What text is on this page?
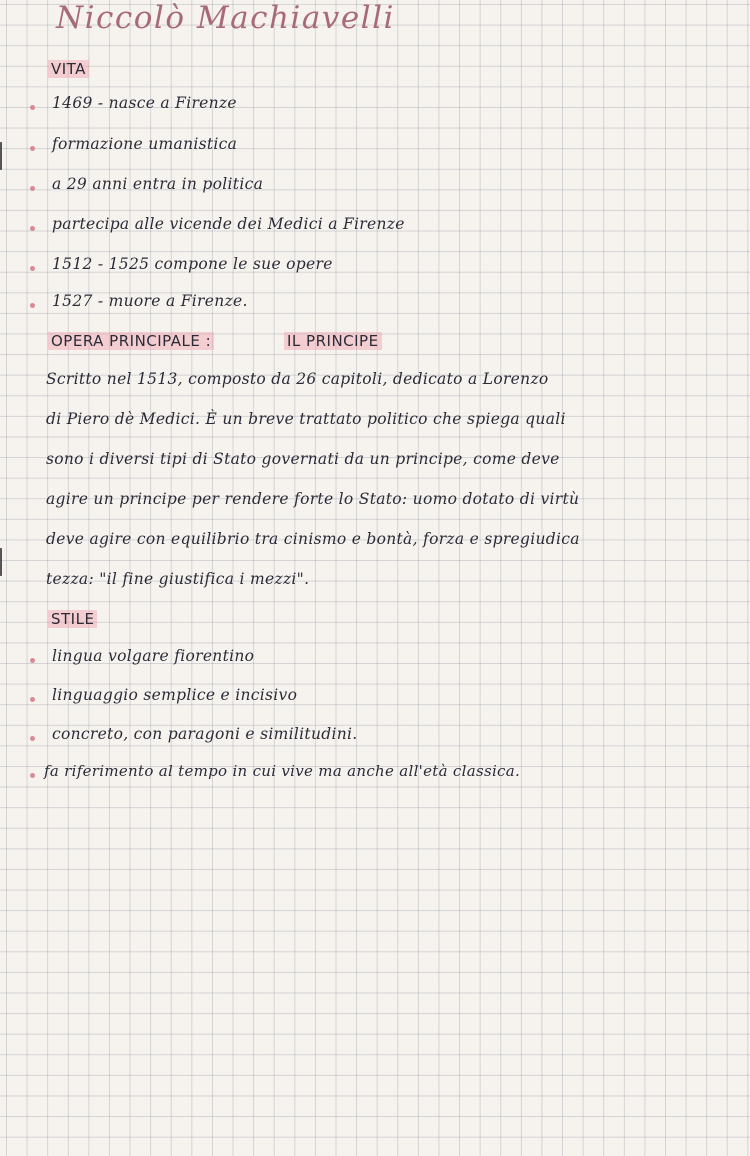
Niccolò Machiavelli
VITA
1469 - nasce a Firenze
formazione umanistica
a 29 anni entra in politica
partecipa alle vicende dei Medici a Firenze
1512 - 1525 compone le sue opere
1527 - muore a Firenze.
OPERA PRINCIPALE :	IL PRINCIPE
Scritto nel 1513, composto da 26 capitoli, dedicato a Lorenzo
di Piero dè Medici. È un breve trattato politico che spiega quali
sono i diversi tipi di Stato governati da un principe, come deve
agire un principe per rendere forte lo Stato: uomo dotato di virtù
deve agire con equilibrio tra cinismo e bontà, forza e spregiudica
tezza: "il fine giustifica i mezzi".
STILE
lingua volgare fiorentino
linguaggio semplice e incisivo
concreto, con paragoni e similitudini.
fa riferimento al tempo in cui vive ma anche all'età classica.
